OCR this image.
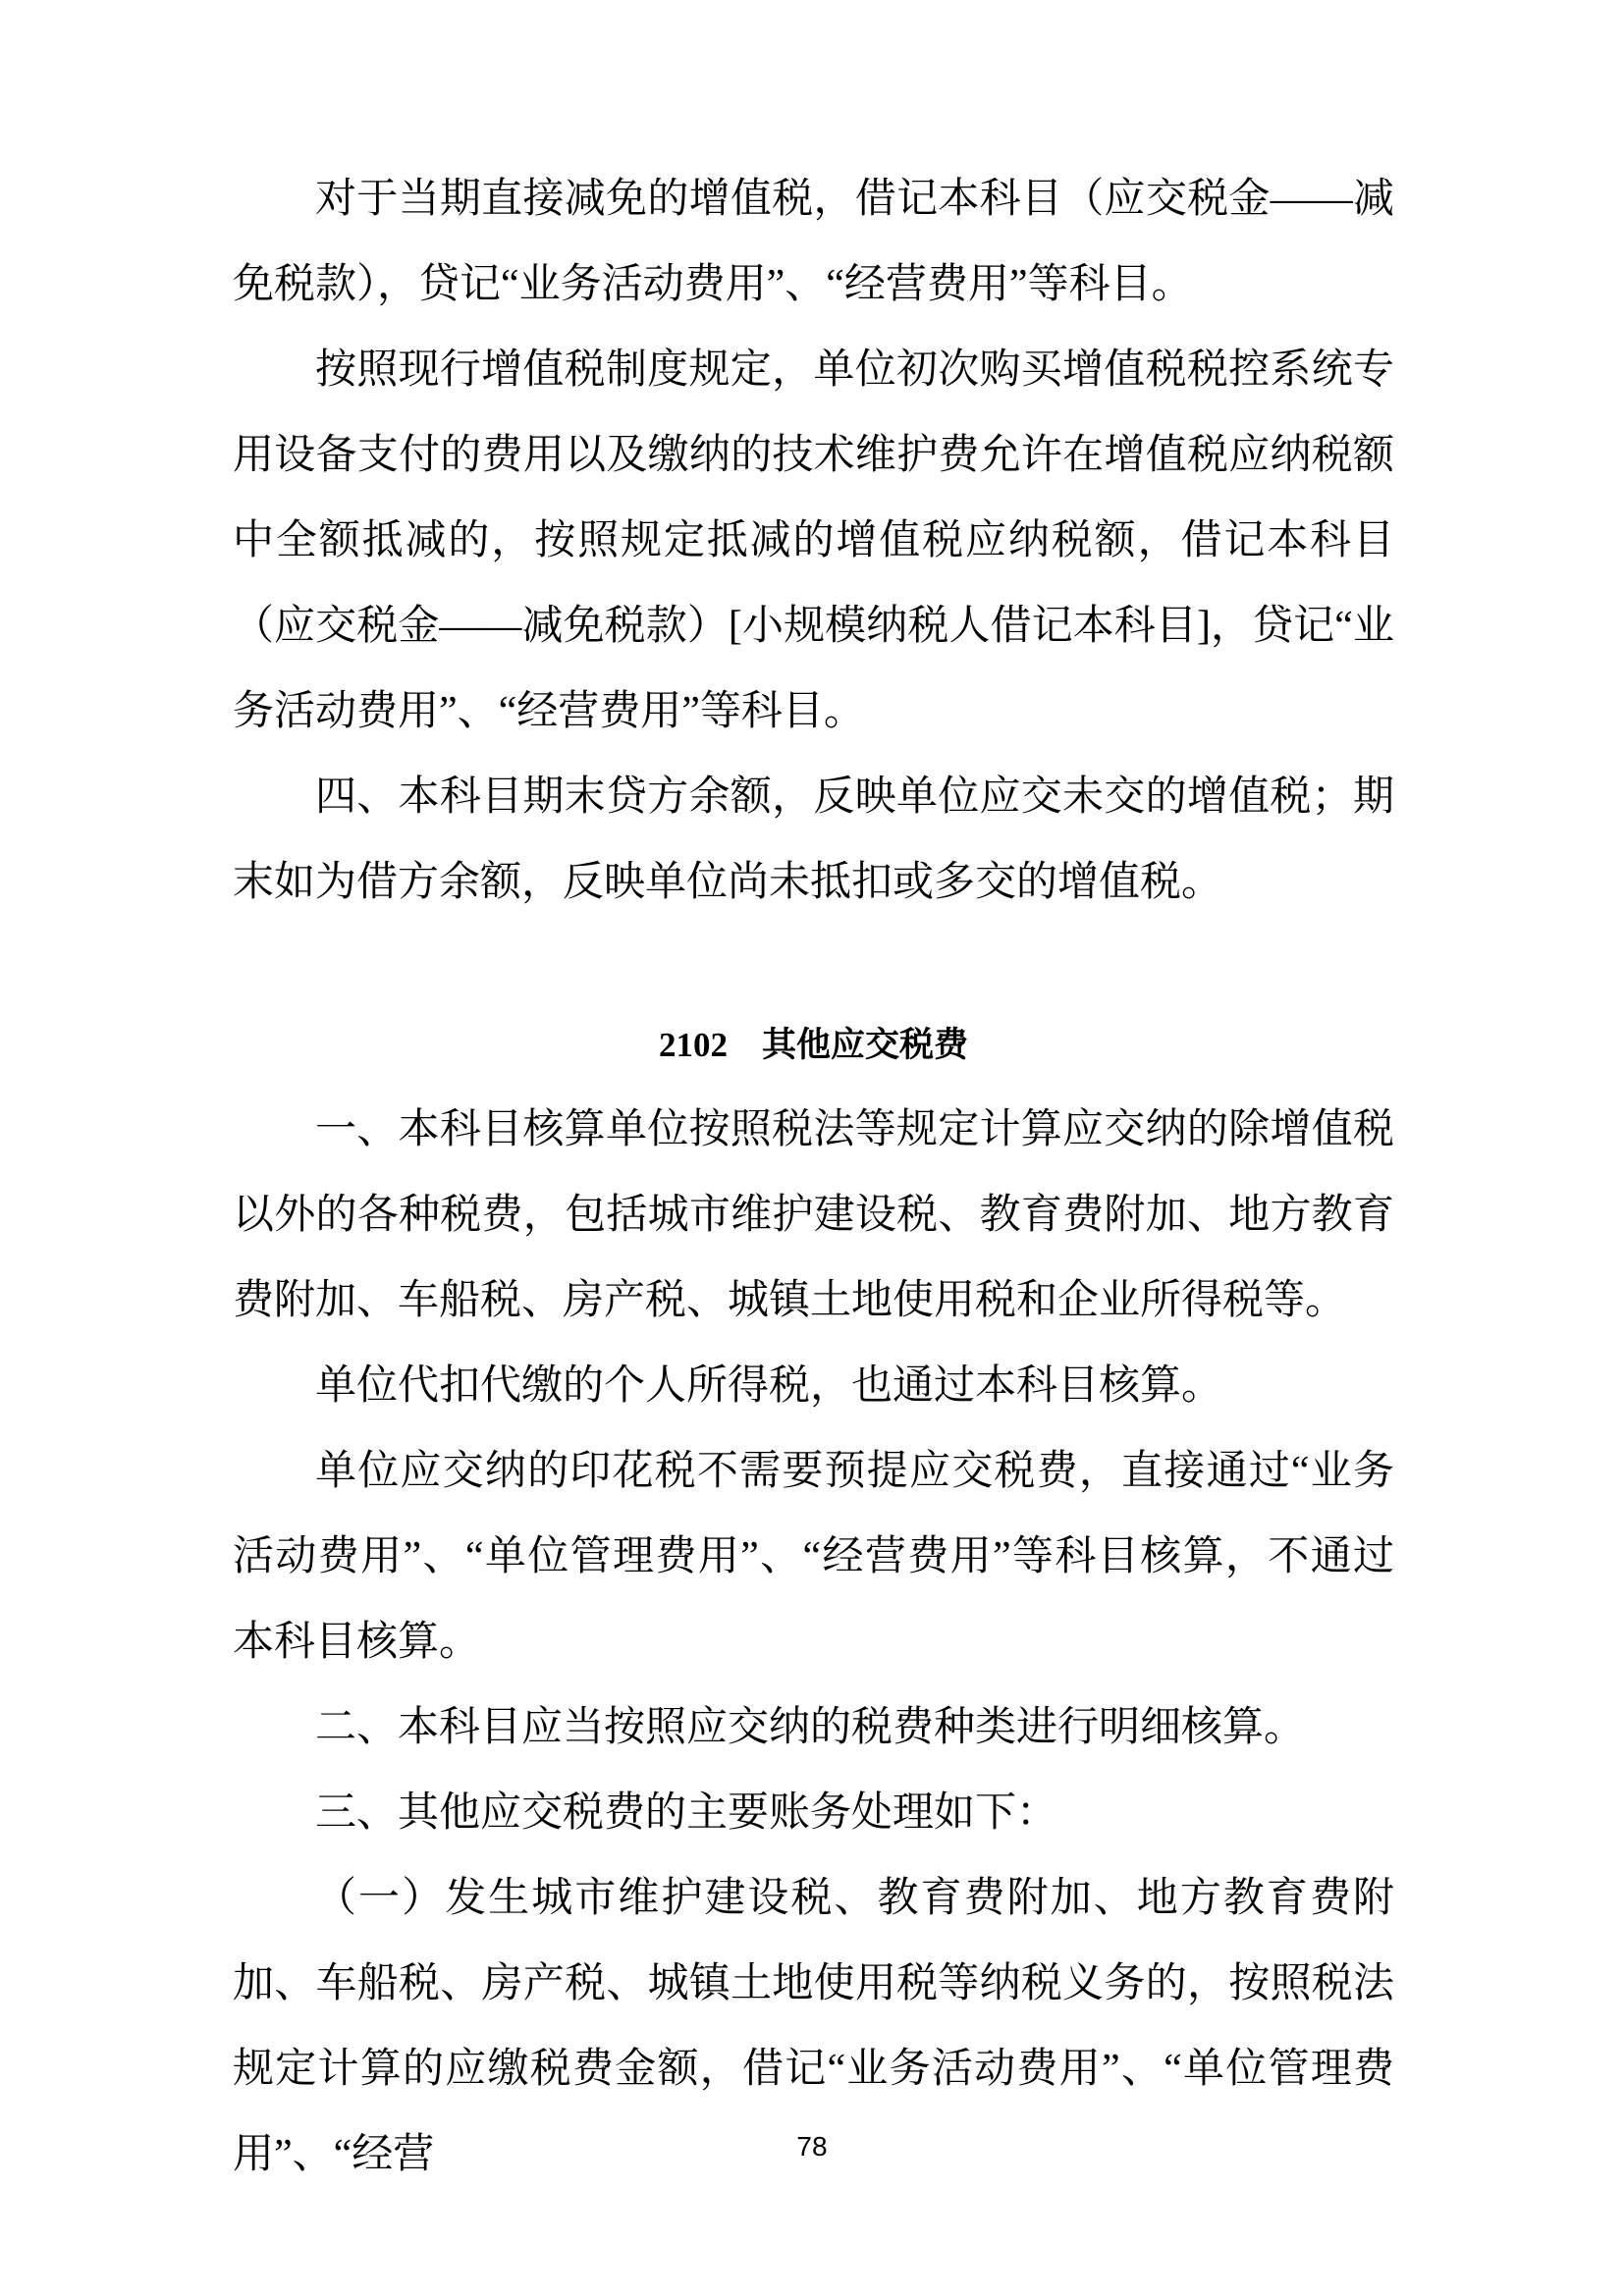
对于当期直接减免的增值税，借记本科目（应交税金——减免税款），贷记“业务活动费用”、“经营费用”等科目。

按照现行增值税制度规定，单位初次购买增值税税控系统专用设备支付的费用以及缴纳的技术维护费允许在增值税应纳税额中全额抵减的，按照规定抵减的增值税应纳税额，借记本科目（应交税金——减免税款）[小规模纳税人借记本科目]，贷记“业务活动费用”、“经营费用”等科目。

四、本科目期末贷方余额，反映单位应交未交的增值税；期末如为借方余额，反映单位尚未抵扣或多交的增值税。

2102　其他应交税费

一、本科目核算单位按照税法等规定计算应交纳的除增值税以外的各种税费，包括城市维护建设税、教育费附加、地方教育费附加、车船税、房产税、城镇土地使用税和企业所得税等。

单位代扣代缴的个人所得税，也通过本科目核算。

单位应交纳的印花税不需要预提应交税费，直接通过“业务活动费用”、“单位管理费用”、“经营费用”等科目核算，不通过本科目核算。

二、本科目应当按照应交纳的税费种类进行明细核算。

三、其他应交税费的主要账务处理如下：

（一）发生城市维护建设税、教育费附加、地方教育费附加、车船税、房产税、城镇土地使用税等纳税义务的，按照税法规定计算的应缴税费金额，借记“业务活动费用”、“单位管理费用”、“经营	78
